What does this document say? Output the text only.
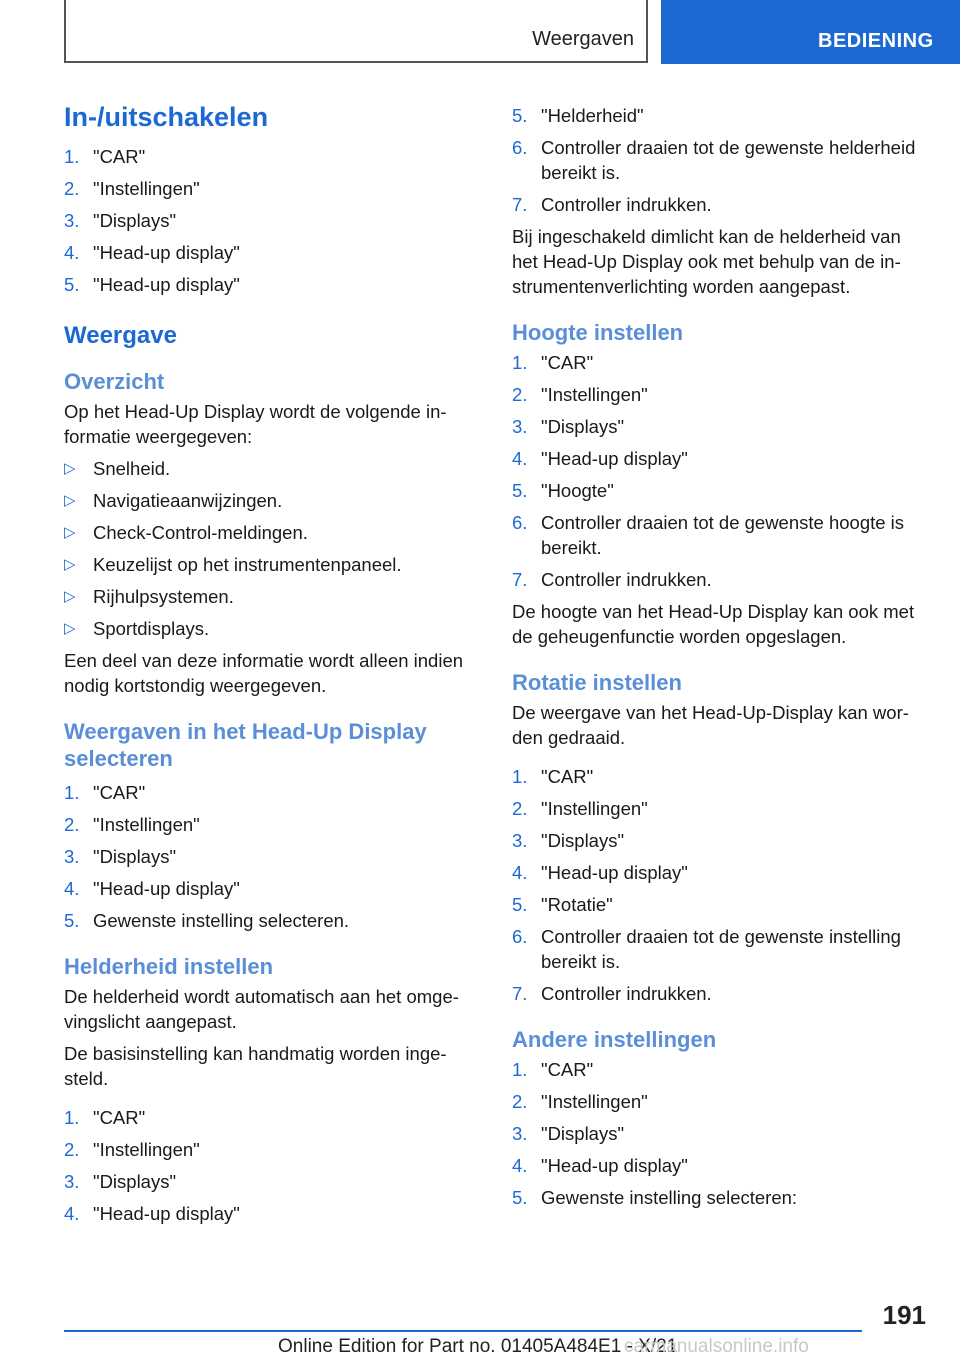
Weergaven	BEDIENING
In-/uitschakelen
1. "CAR"
2. "Instellingen"
3. "Displays"
4. "Head-up display"
5. "Head-up display"
Weergave
Overzicht
Op het Head-Up Display wordt de volgende informatie weergegeven:
▷ Snelheid.
▷ Navigatieaanwijzingen.
▷ Check-Control-meldingen.
▷ Keuzelijst op het instrumentenpaneel.
▷ Rijhulpsystemen.
▷ Sportdisplays.
Een deel van deze informatie wordt alleen indien nodig kortstondig weergegeven.
Weergaven in het Head-Up Display selecteren
1. "CAR"
2. "Instellingen"
3. "Displays"
4. "Head-up display"
5. Gewenste instelling selecteren.
Helderheid instellen
De helderheid wordt automatisch aan het omgevingslicht aangepast.
De basisinstelling kan handmatig worden ingesteld.
1. "CAR"
2. "Instellingen"
3. "Displays"
4. "Head-up display"
5. "Helderheid"
6. Controller draaien tot de gewenste helderheid bereikt is.
7. Controller indrukken.
Bij ingeschakeld dimlicht kan de helderheid van het Head-Up Display ook met behulp van de instrumentenverlichting worden aangepast.
Hoogte instellen
1. "CAR"
2. "Instellingen"
3. "Displays"
4. "Head-up display"
5. "Hoogte"
6. Controller draaien tot de gewenste hoogte is bereikt.
7. Controller indrukken.
De hoogte van het Head-Up Display kan ook met de geheugenfunctie worden opgeslagen.
Rotatie instellen
De weergave van het Head-Up-Display kan worden gedraaid.
1. "CAR"
2. "Instellingen"
3. "Displays"
4. "Head-up display"
5. "Rotatie"
6. Controller draaien tot de gewenste instelling bereikt is.
7. Controller indrukken.
Andere instellingen
1. "CAR"
2. "Instellingen"
3. "Displays"
4. "Head-up display"
5. Gewenste instelling selecteren:
191
Online Edition for Part no. 01405A484E1 - X/21
carmanualsonline.info
